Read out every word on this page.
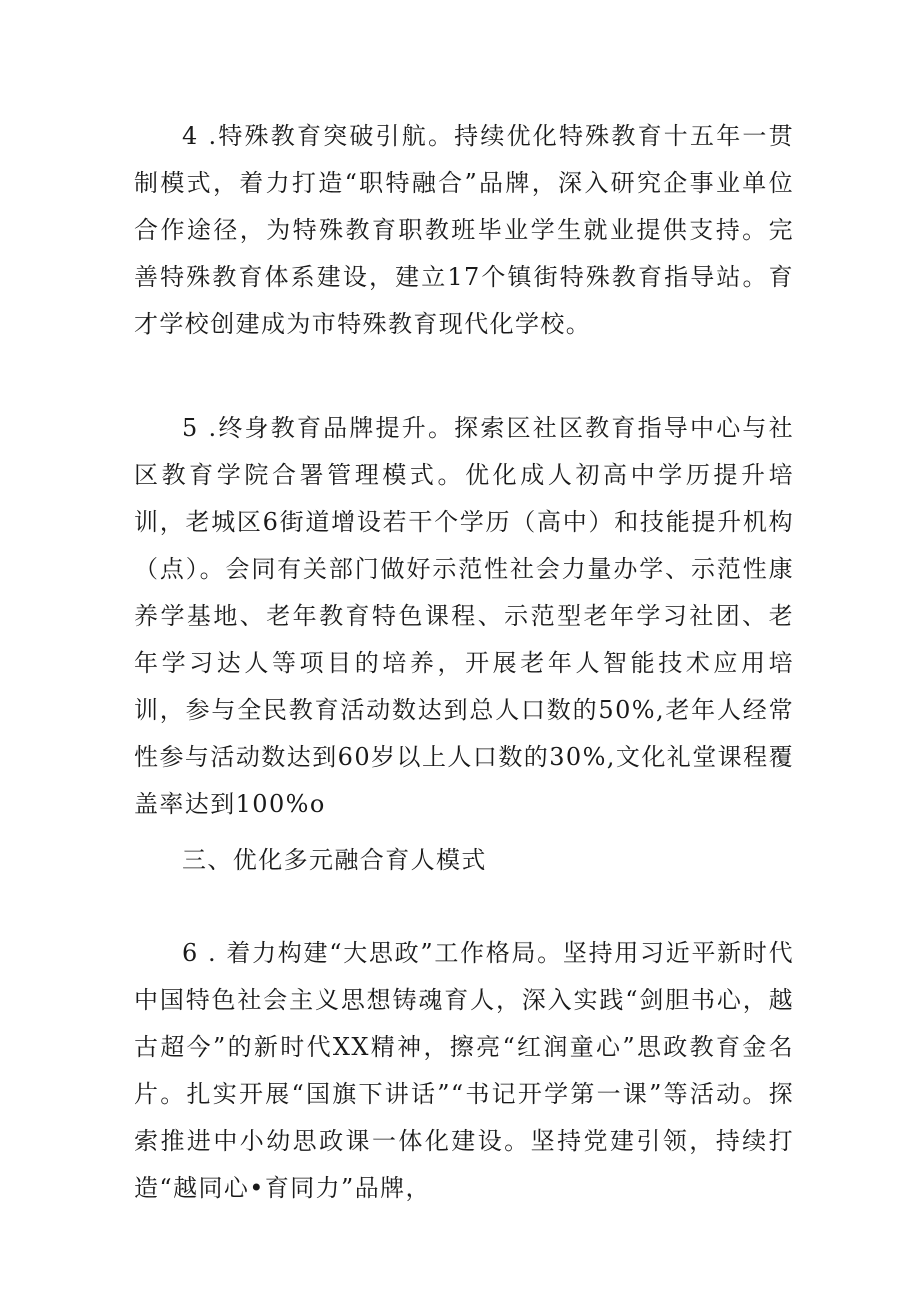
4 .特殊教育突破引航。持续优化特殊教育十五年一贯制模式，着力打造“职特融合”品牌，深入研究企事业单位合作途径，为特殊教育职教班毕业学生就业提供支持。完善特殊教育体系建设，建立17个镇街特殊教育指导站。育才学校创建成为市特殊教育现代化学校。

5 .终身教育品牌提升。探索区社区教育指导中心与社区教育学院合署管理模式。优化成人初高中学历提升培训，老城区6街道增设若干个学历（高中）和技能提升机构（点）。会同有关部门做好示范性社会力量办学、示范性康养学基地、老年教育特色课程、示范型老年学习社团、老年学习达人等项目的培养，开展老年人智能技术应用培训，参与全民教育活动数达到总人口数的50%,老年人经常性参与活动数达到60岁以上人口数的30%,文化礼堂课程覆盖率达到100%o

三、优化多元融合育人模式

6 . 着力构建“大思政”工作格局。坚持用习近平新时代中国特色社会主义思想铸魂育人，深入实践“剑胆书心，越古超今”的新时代XX精神，擦亮“红润童心”思政教育金名片。扎实开展“国旗下讲话”“书记开学第一课”等活动。探索推进中小幼思政课一体化建设。坚持党建引领，持续打造“越同心•育同力”品牌，
